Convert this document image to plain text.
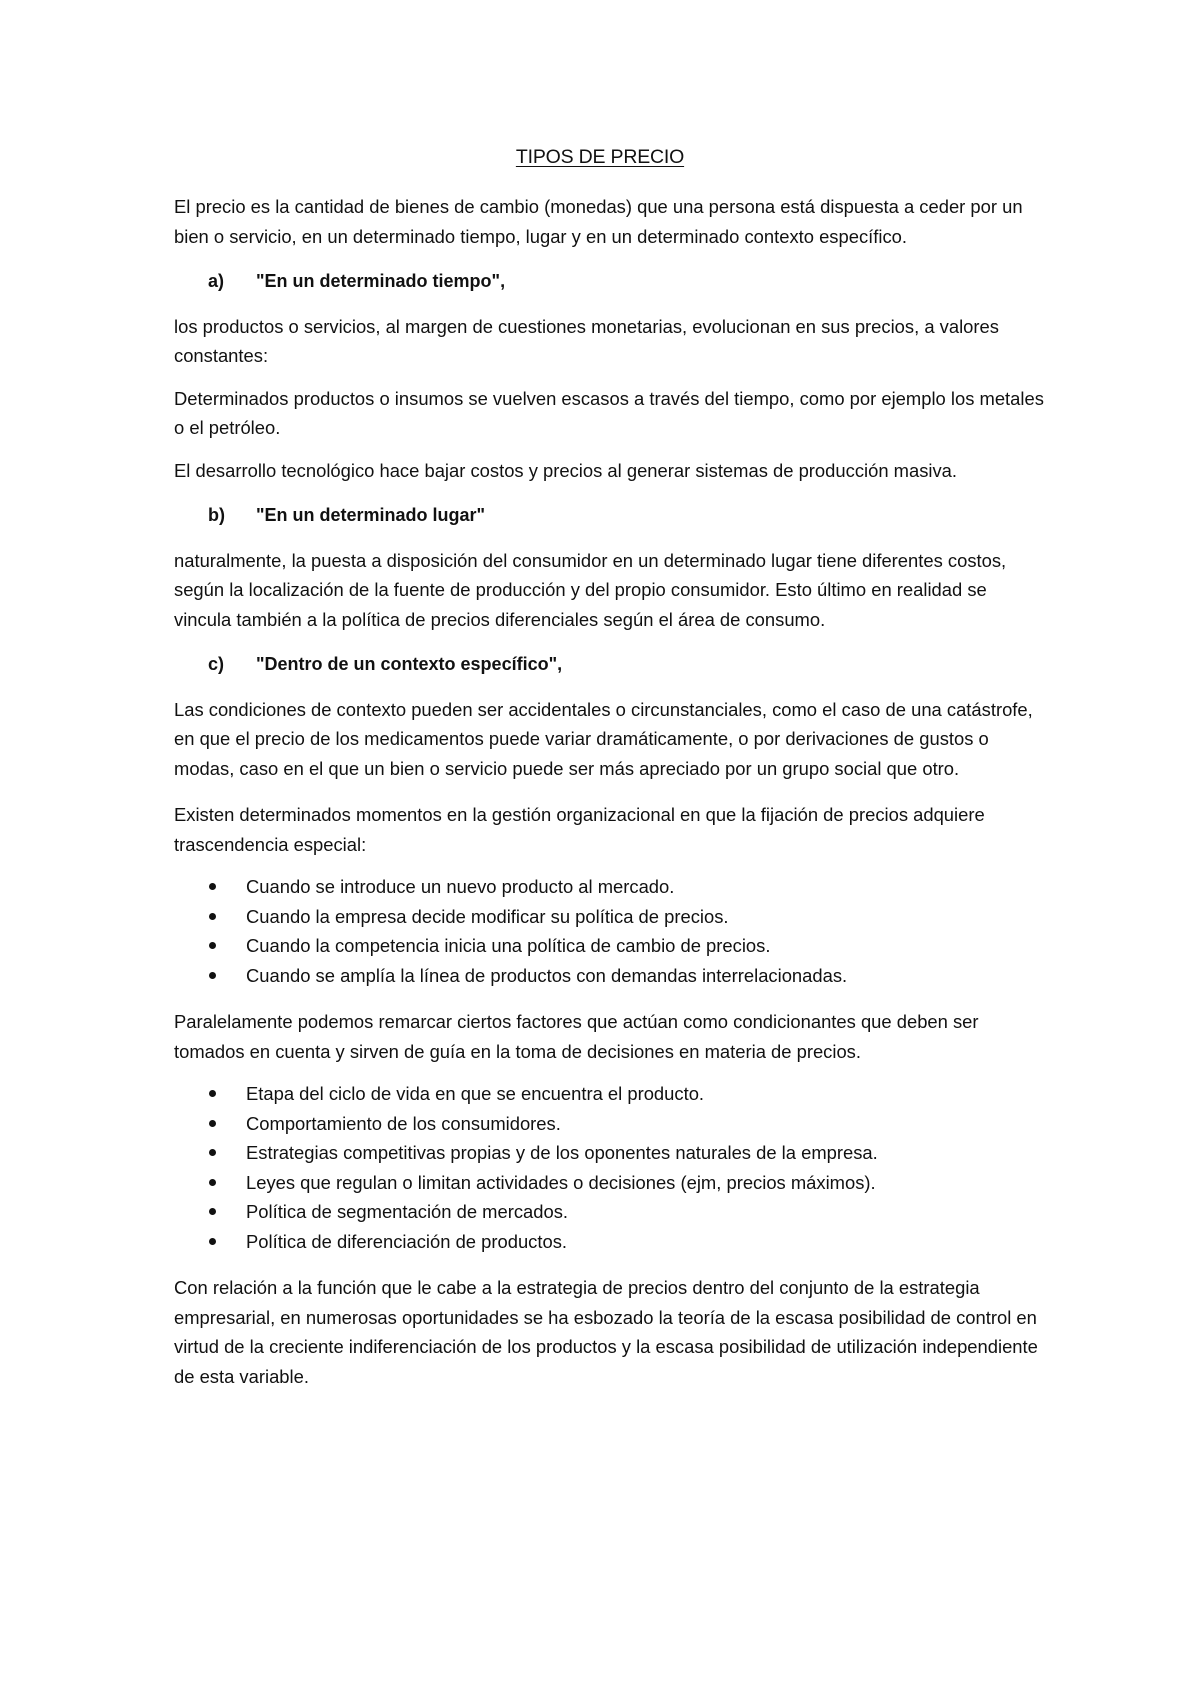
TIPOS DE PRECIO

El precio es la cantidad de bienes de cambio (monedas) que una persona está dispuesta a ceder por un bien o servicio, en un determinado tiempo, lugar y en un determinado contexto específico.

a)	"En un determinado tiempo",

los productos o servicios, al margen de cuestiones monetarias, evolucionan en sus precios, a valores constantes:

Determinados productos o insumos se vuelven escasos a través del tiempo, como por ejemplo los metales o el petróleo.

El desarrollo tecnológico hace bajar costos y precios al generar sistemas de producción masiva.

b)	"En un determinado lugar"

naturalmente, la puesta a disposición del consumidor en un determinado lugar tiene diferentes costos, según la localización de la fuente de producción y del propio consumidor. Esto último en realidad se vincula también a la política de precios diferenciales según el área de consumo.

c)	"Dentro de un contexto específico",

Las condiciones de contexto pueden ser accidentales o circunstanciales, como el caso de una catástrofe, en que el precio de los medicamentos puede variar dramáticamente, o por derivaciones de gustos o modas, caso en el que un bien o servicio puede ser más apreciado por un grupo social que otro.

Existen determinados momentos en la gestión organizacional en que la fijación de precios adquiere trascendencia especial:

Cuando se introduce un nuevo producto al mercado.
Cuando la empresa decide modificar su política de precios.
Cuando la competencia inicia una política de cambio de precios.
Cuando se amplía la línea de productos con demandas interrelacionadas.

Paralelamente podemos remarcar ciertos factores que actúan como condicionantes que deben ser tomados en cuenta y sirven de guía en la toma de decisiones en materia de precios.

Etapa del ciclo de vida en que se encuentra el producto.
Comportamiento de los consumidores.
Estrategias competitivas propias y de los oponentes naturales de la empresa.
Leyes que regulan o limitan actividades o decisiones (ejm, precios máximos).
Política de segmentación de mercados.
Política de diferenciación de productos.

Con relación a la función que le cabe a la estrategia de precios dentro del conjunto de la estrategia empresarial, en numerosas oportunidades se ha esbozado la teoría de la escasa posibilidad de control en virtud de la creciente indiferenciación de los productos y la escasa posibilidad de utilización independiente de esta variable.
